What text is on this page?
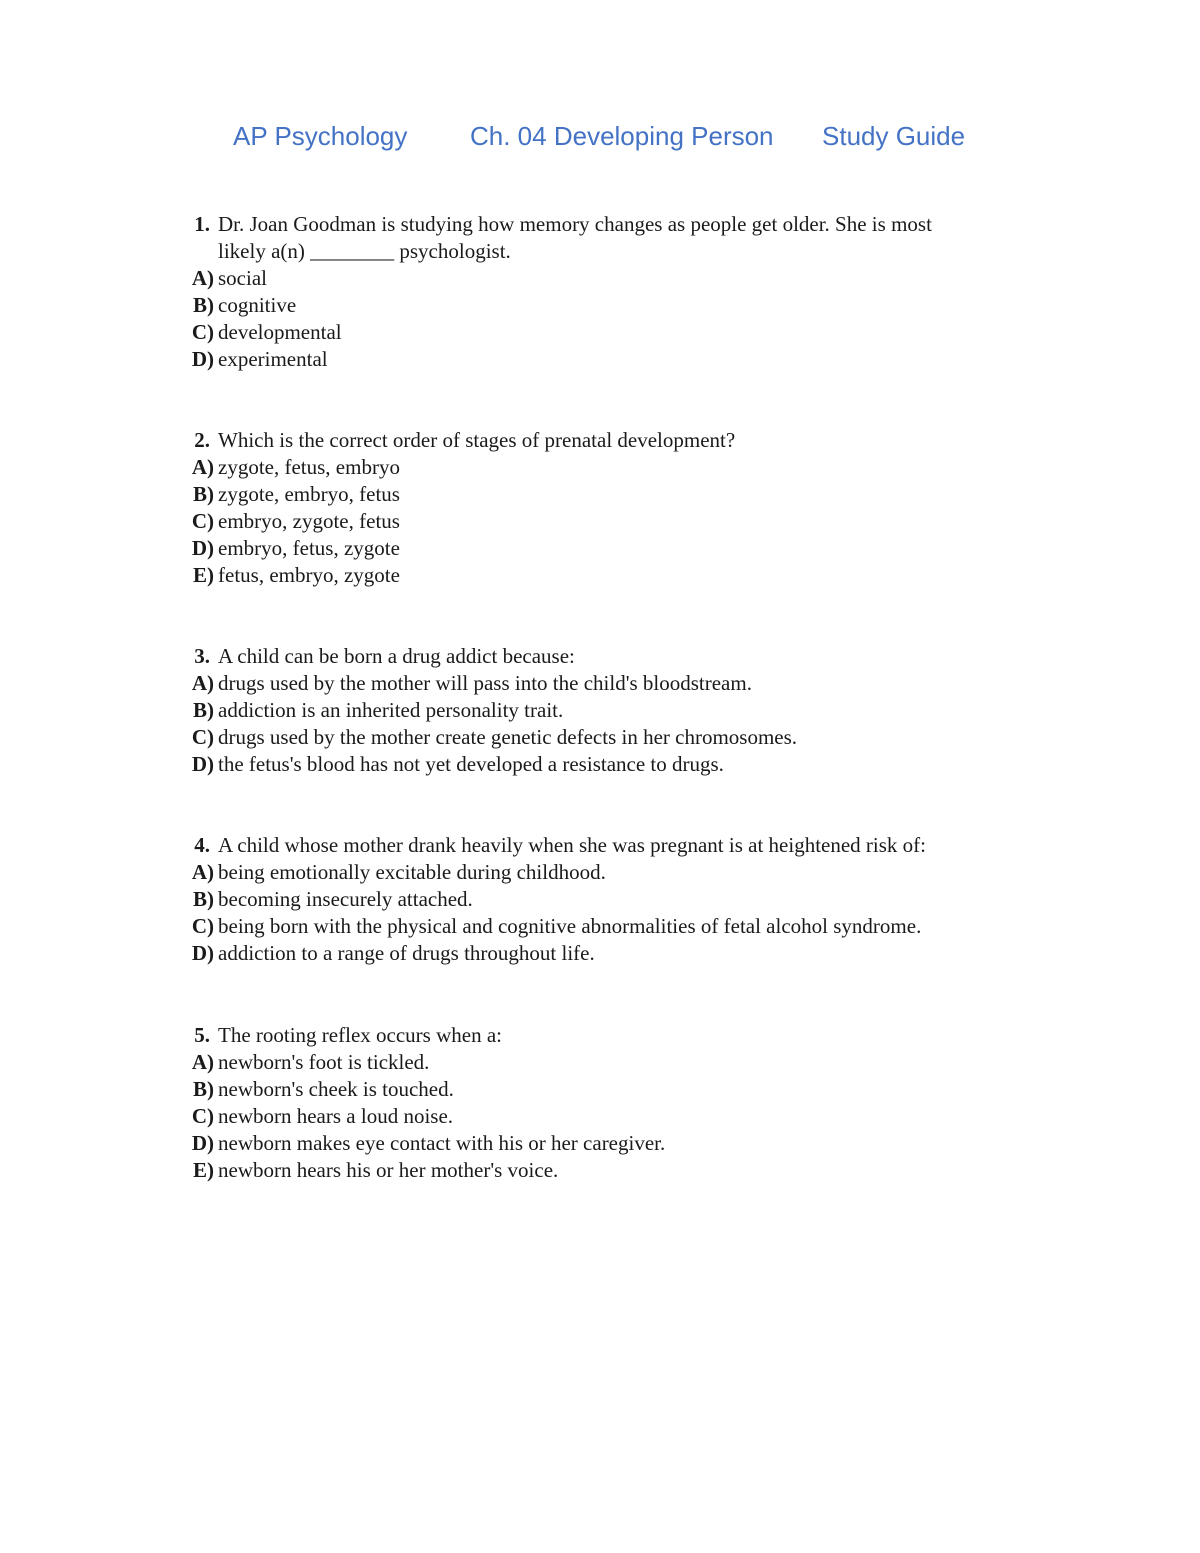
AP Psychology Ch. 04 Developing Person Study Guide
1. Dr. Joan Goodman is studying how memory changes as people get older. She is most
likely a(n) ________ psychologist.
A) social
B) cognitive
C) developmental
D) experimental
2. Which is the correct order of stages of prenatal development?
A) zygote, fetus, embryo
B) zygote, embryo, fetus
C) embryo, zygote, fetus
D) embryo, fetus, zygote
E) fetus, embryo, zygote
3. A child can be born a drug addict because:
A) drugs used by the mother will pass into the child's bloodstream.
B) addiction is an inherited personality trait.
C) drugs used by the mother create genetic defects in her chromosomes.
D) the fetus's blood has not yet developed a resistance to drugs.
4. A child whose mother drank heavily when she was pregnant is at heightened risk of:
A) being emotionally excitable during childhood.
B) becoming insecurely attached.
C) being born with the physical and cognitive abnormalities of fetal alcohol syndrome.
D) addiction to a range of drugs throughout life.
5. The rooting reflex occurs when a:
A) newborn's foot is tickled.
B) newborn's cheek is touched.
C) newborn hears a loud noise.
D) newborn makes eye contact with his or her caregiver.
E) newborn hears his or her mother's voice.
